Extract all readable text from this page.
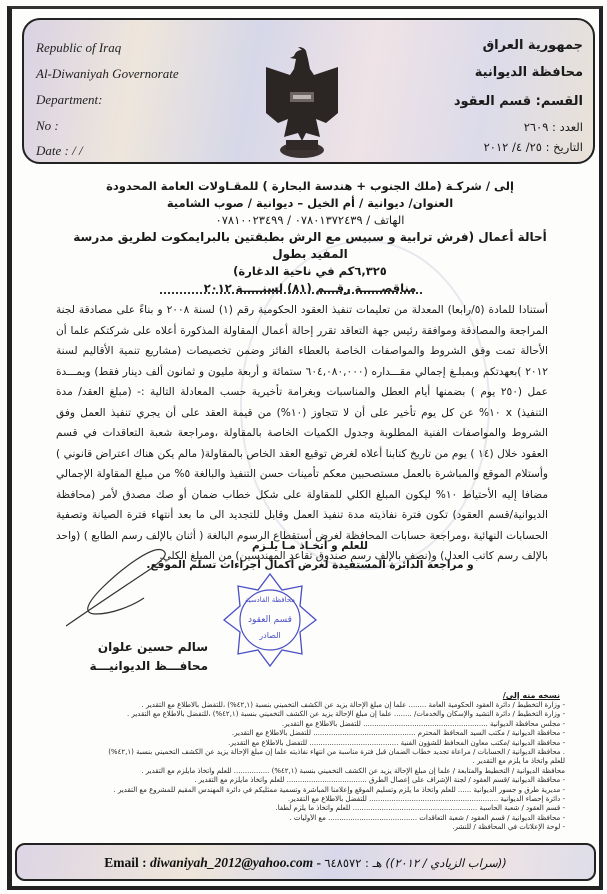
Republic of Iraq
Al-Diwaniyah Governorate
Department:
No :
Date : / /
جمهورية العراق
محافظة الديوانية
القسم: قسم العقود
العدد : ٢٦٠٩
التاريخ : ٢٥/ ٤/ ٢٠١٢
إلى / شركـة (ملك الجنوب + هندسة البحارة ) للمقـاولات العامة المحدودة
العنوان/ ديوانية / أم الخيل – ديوانية / صوب الشامية
الهاتف / ٠٧٨٠١٣٧٢٤٣٩ / ٠٧٨١٠٠٢٣٤٩٩
أحالة أعمال (فرش ترابية و سبيس مع الرش بطبقتين بالبرايمكوت لطريق مدرسة المفيد بطول
٦,٣٢٥كم في ناحية الدغارة)
مناقصـــــة رقـــم (٨١) لسنـــــة ٢٠١٢
أستنادا للمادة (٥/رابعا) المعدلة من تعليمات تنفيذ العقود الحكومية رقم (١) لسنة ٢٠٠٨ و بناءً على مصادقة لجنة المراجعة والمصادقة وموافقة رئيس جهة التعاقد تقرر إحالة أعمال المقاولة المذكورة أعلاه على شركتكم علما أن الأحالة تمت وفق الشروط والمواصفات الخاصة بالعطاء الفائز وضمن تخصيصات (مشاريع تنمية الأقاليم لسنة ٢٠١٢ )بعهدتكم وبمبلـغ إجمالي مقـــداره (٦٠٤,٠٨٠,٠٠٠ ستمائة و أربعة مليون و ثمانون ألف دينار فقط) وبمـــدة عمل (٢٥٠ يوم ) بضمنها أيام العطل والمناسبات وبغرامة تأخيرية حسب المعادلة التالية :- (مبلغ العقد/ مدة التنفيذ) x ١٠% عن كل يوم تأخير على أن لا تتجاوز (١٠%) من قيمة العقد على أن يجري تنفيذ العمل وفق الشروط والمواصفات الفنية المطلوبة وجدول الكميات الخاصة بالمقاولة ،ومراجعة شعبة التعاقدات في قسم العقود خلال (١٤ ) يوم من تاريخ كتابنا أعلاه لغرض توقيع العقد الخاص بالمقاولة( مالم يكن هناك اعتراض قانوني ) وأستلام الموقع والمباشرة بالعمل مستصحبين معكم تأمينات حسن التنفيذ والبالغة ٥% من مبلغ المقاولة الإجمالي مضافا إليه الأحتياط ١٠% ليكون المبلغ الكلي للمقاولة على شكل خطاب ضمان أو صك مصدق لأمر (محافظة الديوانية/قسم العقود) تكون فترة نفاذيته مدة تنفيذ العمل وقابل للتجديد الى ما بعد أنتهاء فترة الصيانة وتصفية الحسابات النهائية ،ومراجعة حسابات المحافظة لغرض أستقطاع الرسوم البالغة ( أثنان بالإلف رسم الطابع ) (واحد بالإلف رسم كاتب العدل) و(نصف بالإلف رسم صندوق تقاعد المهندسين) من المبلغ الكلي.
للعلم و أتخـاذ مـا يلـزم
و مراجعة الدائرة المستفيدة لغرض أكمال أجراءات تسلم الموقع.
سالم حسين علوان
محافـــظ الديوانيـــة
محافظة القادسية
قسم العقود
الصادر
نسخه منه إلى/
- وزارة التخطيط / دائرة العقود الحكومية العامة ........ علما إن مبلغ الإحالة يزيد عن الكشف التخميني بنسبة (٤٢,١%) ،للتفضل بالاطلاع مع التقدير .
- وزارة التخطيط / دائرة التشيد والإسكان والخدمات/ ........ علما إن مبلغ الإحالة يزيد عن الكشف التخميني بنسبة (٤٢,١%) ،للتفضل بالاطلاع مع التقدير .
- مجلس محافظة الديوانية ........................................................ للتفضل بالاطلاع مع التقدير.
- محافظة الديوانية / مكتب السيد المحافظ المحترم .............................................. للتفضل بالاطلاع مع التقدير.
- محافظة الديوانية /مكتب معاون المحافظ للشؤون الفنية ........................................ للتفضل بالاطلاع مع التقدير.
. محافظة الديوانية / الحسابات / مراعاة تجديد خطاب الضمان قبل فترة مناسبة من انتهاء نفاذيته علما إن مبلغ الإحالة يزيد عن الكشف التخميني بنسبة (٤٢,١%)
للعلم واتخاذ ما يلزم مع التقدير .
محافظة الديوانية / التخطيط والمتابعة / علما إن مبلغ الإحالة يزيد عن الكشف التخميني بنسبة (٤٢,١%) ................ للعلم واتخاذ مايلزم مع التقدير .
- محافظة الديوانية /قسم العقود / لجنة الإشراف على إعصال الطرق .................................... للعلم واتخاذ مايلزم مع التقدير .
- مديرية طرق و جسور الديوانية ...... للعلم واتخاذ ما يلزم وتسليم الموقع وإعلامنا المباشرة وتسمية ممثليكم في دائرة المهندس المقيم للمشروع مع التقدير .
- دائرة إحصاء الديوانية .......................................................... للتفضل بالاطلاع مع التقدير.
- قسم العقود / شعبة الحاسبة ........................................................ للعلم واتخاذ ما يلزم لطفا.
- محافظة الديوانية / قسم العقود / شعبة التعاقدات ........................................ مع الأوليات .
- لوحة الإعلانات في المحافظة / للنشر.
Email : diwaniyah_2012@yahoo.com -	((سراب الزيادي / ٢٠١٢)) هـ : ٦٤٨٥٧٢
